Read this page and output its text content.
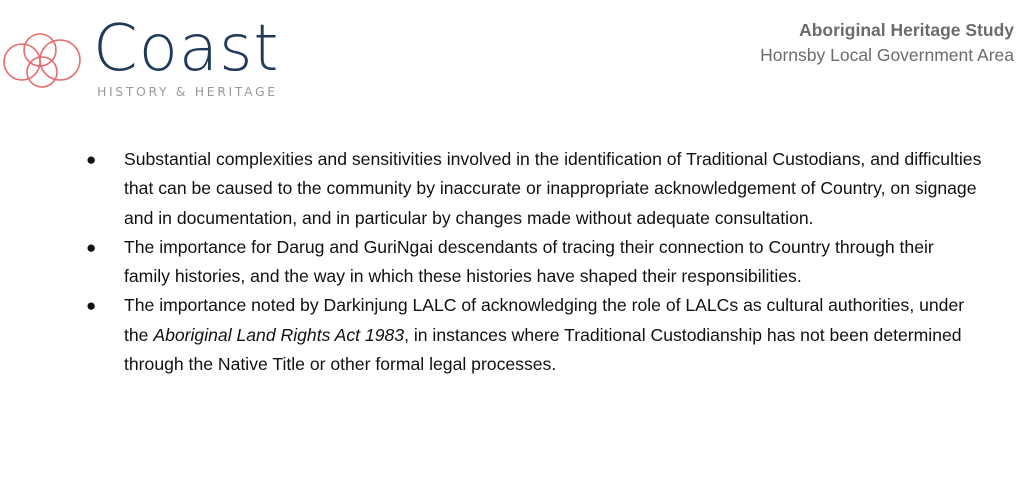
Coast
HISTORY & HERITAGE
Aboriginal Heritage Study
Hornsby Local Government Area
● Substantial complexities and sensitivities involved in the identification of Traditional Custodians, and difficulties that can be caused to the community by inaccurate or inappropriate acknowledgement of Country, on signage and in documentation, and in particular by changes made without adequate consultation.
● The importance for Darug and GuriNgai descendants of tracing their connection to Country through their family histories, and the way in which these histories have shaped their responsibilities.
● The importance noted by Darkinjung LALC of acknowledging the role of LALCs as cultural authorities, under the Aboriginal Land Rights Act 1983, in instances where Traditional Custodianship has not been determined through the Native Title or other formal legal processes.
